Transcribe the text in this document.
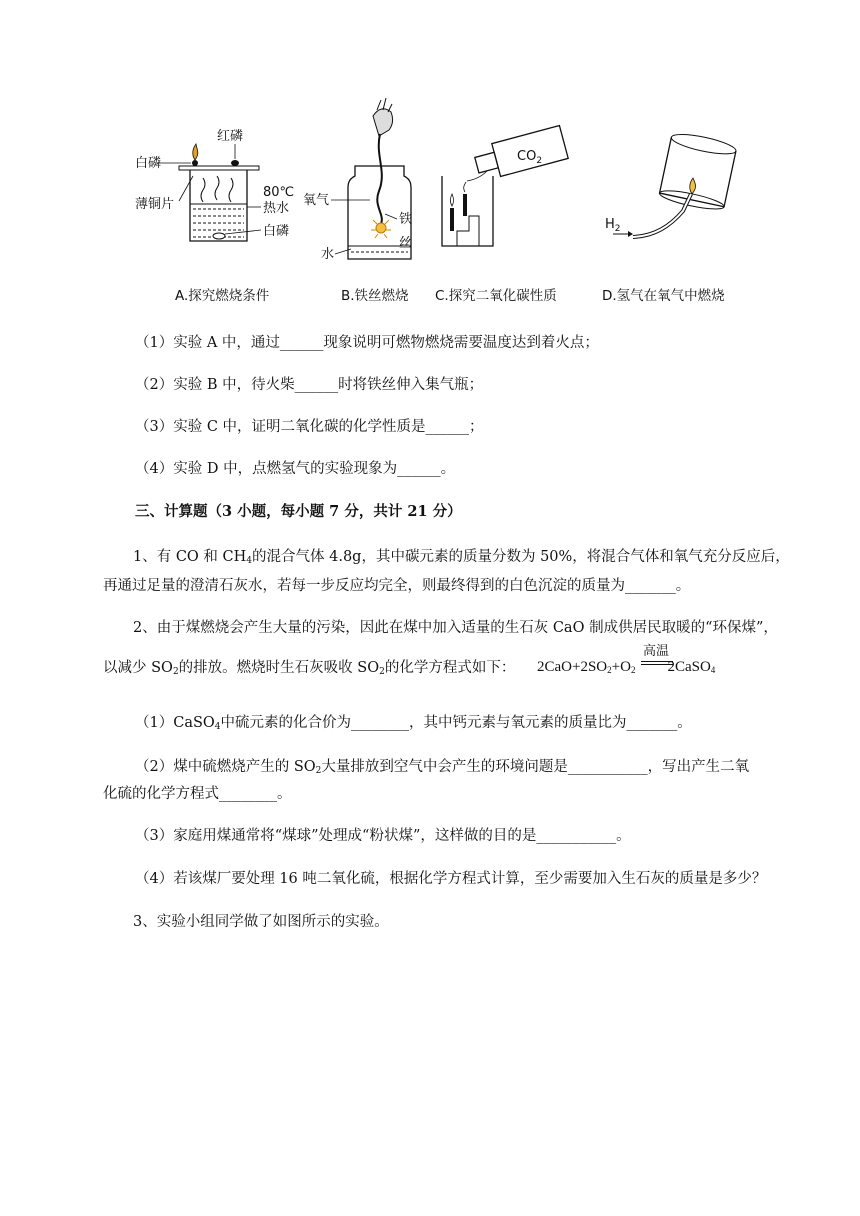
白磷
红磷
薄铜片
80℃
热水
白磷
氧气
水
铁
丝
$CO_2$
$H_2$
A.探究燃烧条件	B.铁丝燃烧 C.探究二氧化碳性质	D.氢气在氧气中燃烧
（1）实验 A 中，通过______现象说明可燃物燃烧需要温度达到着火点；
（2）实验 B 中，待火柴______时将铁丝伸入集气瓶；
（3）实验 C 中，证明二氧化碳的化学性质是______；
（4）实验 D 中，点燃氢气的实验现象为______。
三、计算题（3 小题，每小题 7 分，共计 21 分）
1、有 CO 和 $CH_4$的混合气体 4.8g，其中碳元素的质量分数为 50%，将混合气体和氧气充分反应后，
再通过足量的澄清石灰水，若每一步反应均完全，则最终得到的白色沉淀的质量为_______。
2、由于煤燃烧会产生大量的污染，因此在煤中加入适量的生石灰 CaO 制成供居民取暖的“环保煤”，
以减少 $SO_2$的排放。燃烧时生石灰吸收 $SO_2$的化学方程式如下： $2CaO+2SO_2+O_2$ 2CaSO$_4$
高温
（1）CaSO$_4$中硫元素的化合价为________，其中钙元素与氧元素的质量比为_______。
（2）煤中硫燃烧产生的 $SO_2$大量排放到空气中会产生的环境问题是___________，写出产生二氧
化硫的化学方程式________。
（3）家庭用煤通常将“煤球”处理成“粉状煤”，这样做的目的是___________。
（4）若该煤厂要处理 16 吨二氧化硫，根据化学方程式计算，至少需要加入生石灰的质量是多少？
3、实验小组同学做了如图所示的实验。
